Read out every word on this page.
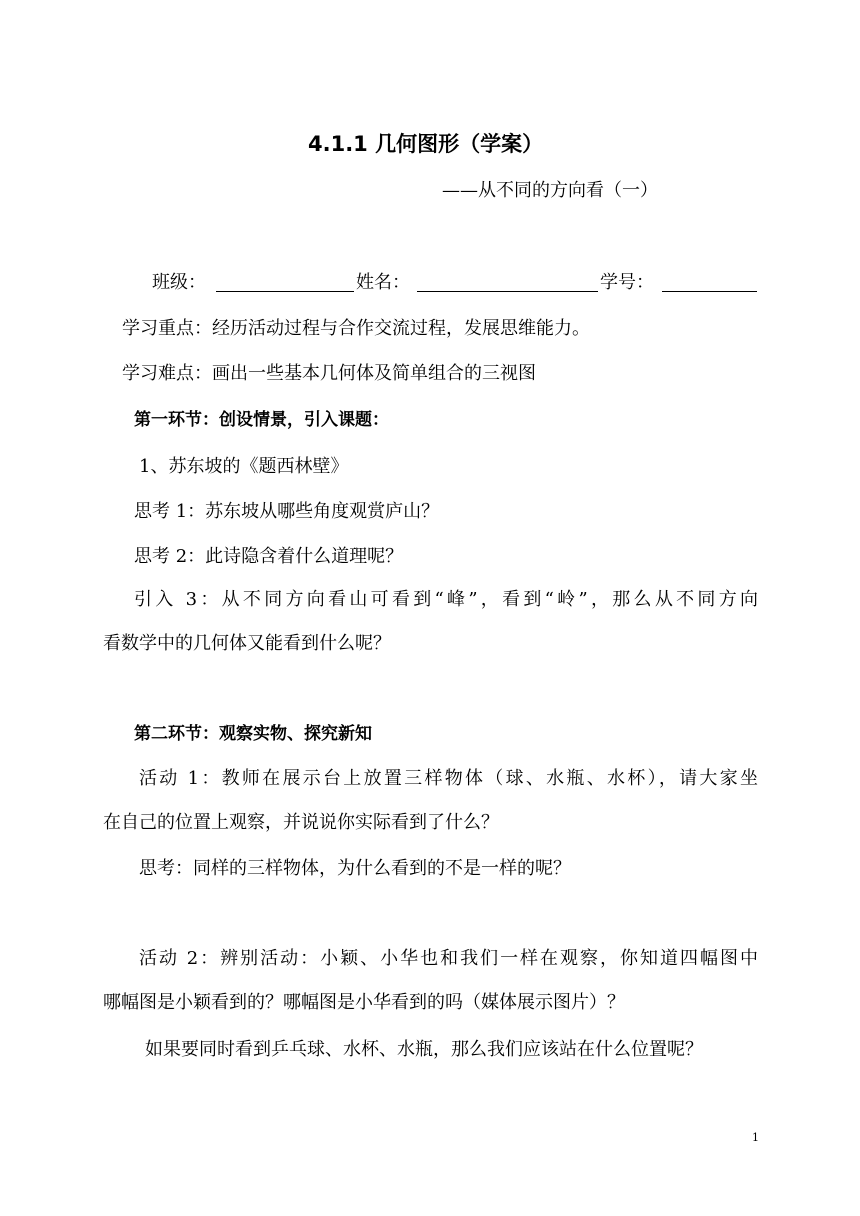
4.1.1 几何图形（学案）
——从不同的方向看（一）
班级：	姓名：	学号：
学习重点：经历活动过程与合作交流过程，发展思维能力。
学习难点：画出一些基本几何体及简单组合的三视图
第一环节：创设情景，引入课题：
1、苏东坡的《题西林壁》
思考 1：苏东坡从哪些角度观赏庐山？
思考 2：此诗隐含着什么道理呢？
引入 3：从不同方向看山可看到“峰”，看到“岭”，那么从不同方向
看数学中的几何体又能看到什么呢？
第二环节：观察实物、探究新知
活动 1：教师在展示台上放置三样物体（球、水瓶、水杯），请大家坐
在自己的位置上观察，并说说你实际看到了什么？
思考：同样的三样物体，为什么看到的不是一样的呢？
活动 2：辨别活动：小颖、小华也和我们一样在观察，你知道四幅图中
哪幅图是小颖看到的？哪幅图是小华看到的吗（媒体展示图片）？
如果要同时看到乒乓球、水杯、水瓶，那么我们应该站在什么位置呢？
1
